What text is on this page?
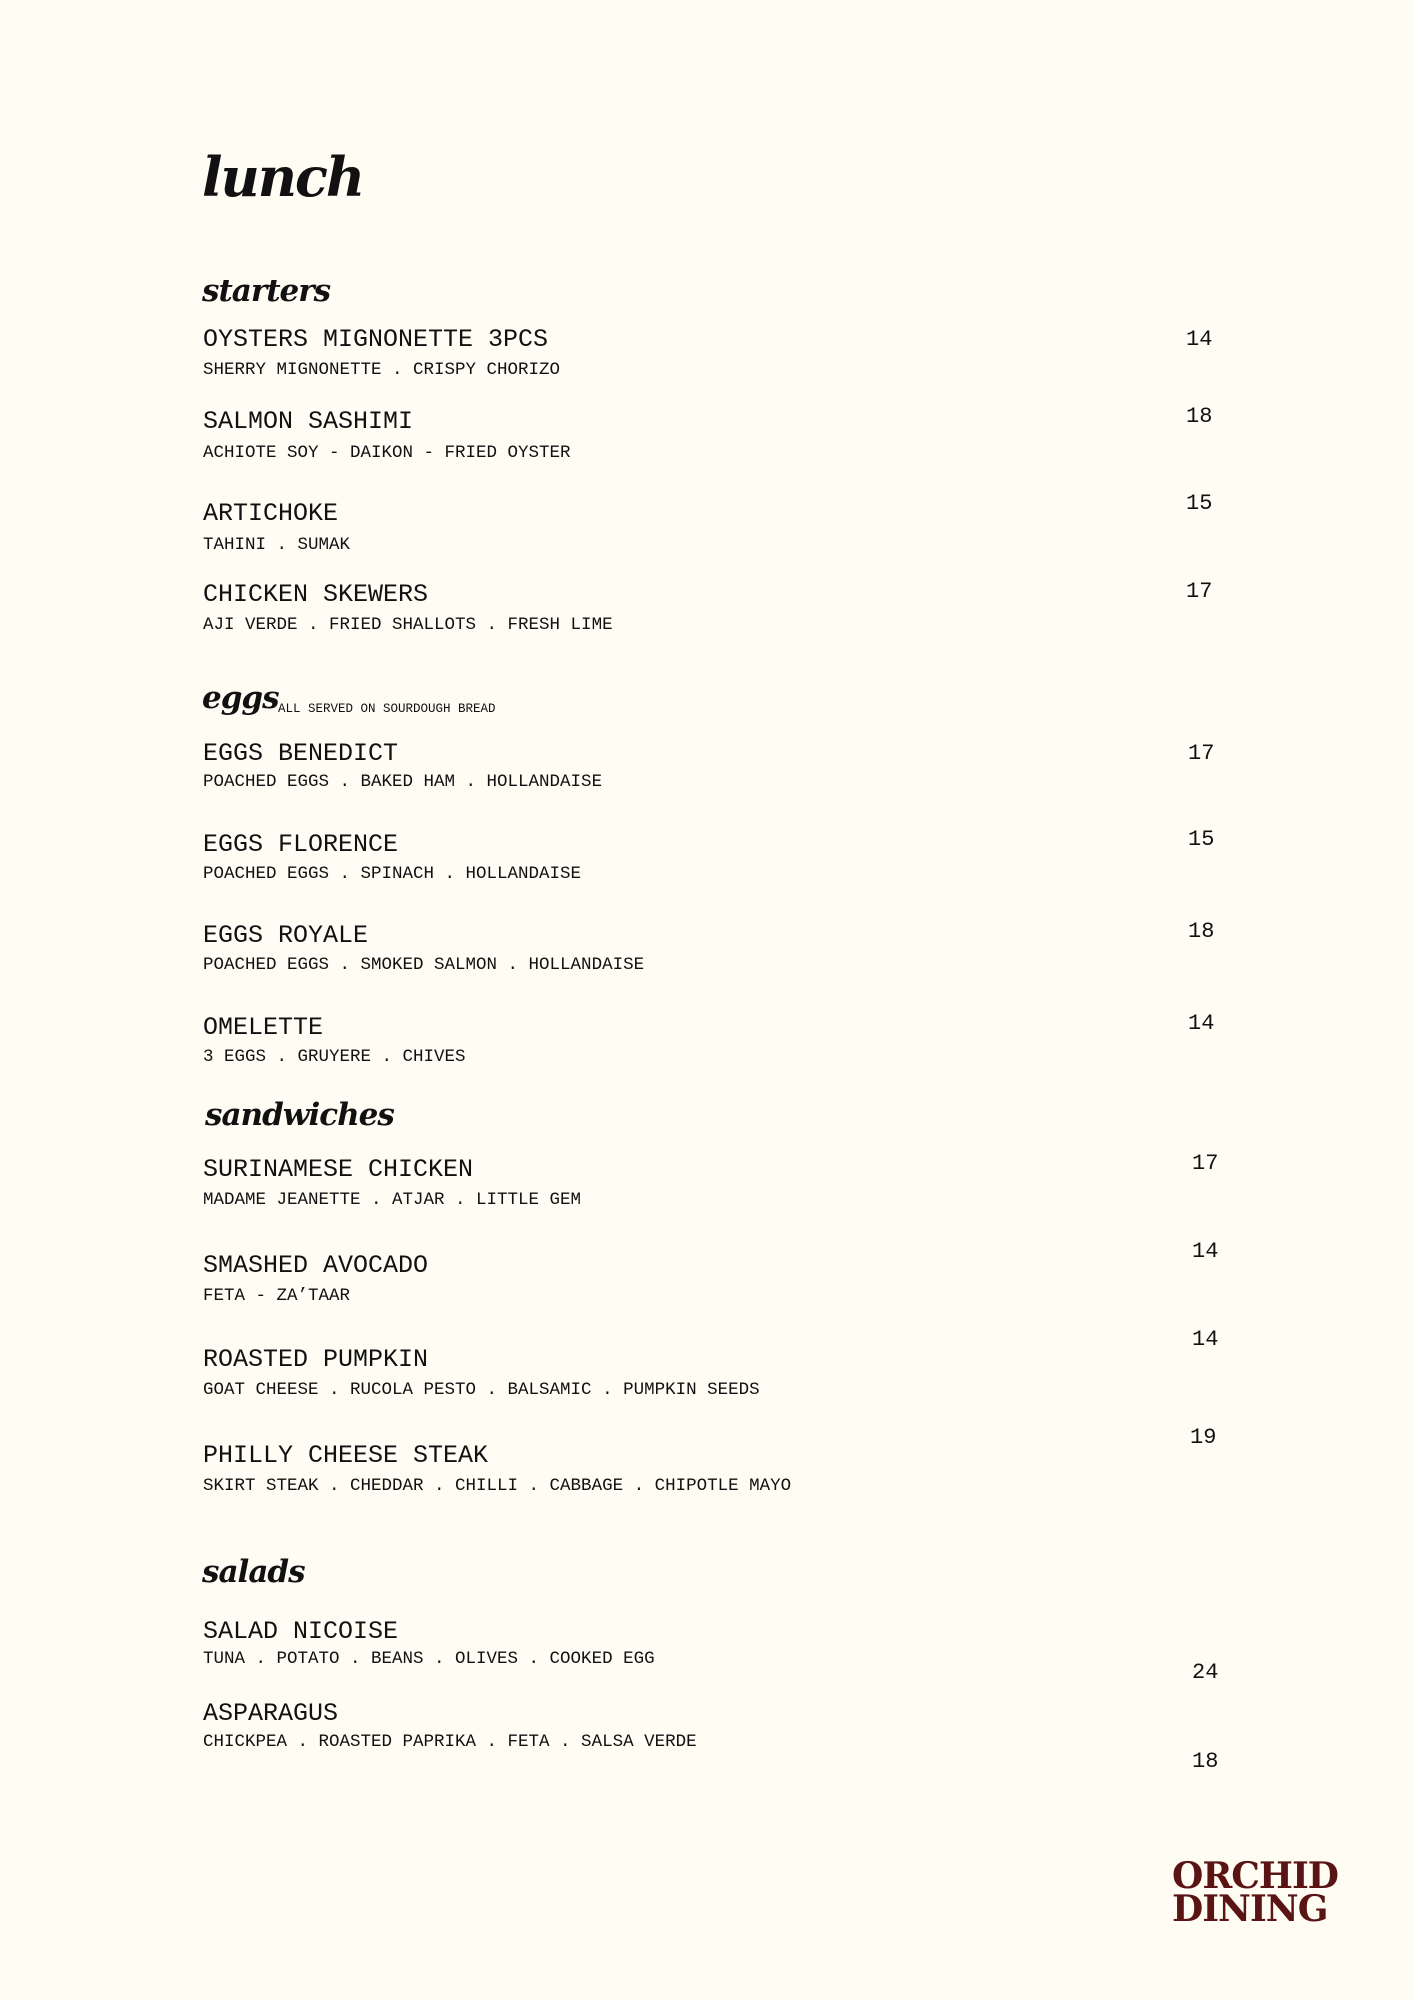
lunch
starters
OYSTERS MIGNONETTE 3PCS
SHERRY MIGNONETTE . CRISPY CHORIZO
14
SALMON SASHIMI
ACHIOTE SOY - DAIKON - FRIED OYSTER
18
ARTICHOKE
TAHINI . SUMAK
15
CHICKEN SKEWERS
AJI VERDE . FRIED SHALLOTS . FRESH LIME
17
eggs ALL SERVED ON SOURDOUGH BREAD
EGGS BENEDICT
POACHED EGGS . BAKED HAM . HOLLANDAISE
17
EGGS FLORENCE
POACHED EGGS . SPINACH . HOLLANDAISE
15
EGGS ROYALE
POACHED EGGS . SMOKED SALMON . HOLLANDAISE
18
OMELETTE
3 EGGS . GRUYERE . CHIVES
14
sandwiches
SURINAMESE CHICKEN
MADAME JEANETTE . ATJAR . LITTLE GEM
17
SMASHED AVOCADO
FETA - ZA’TAAR
14
ROASTED PUMPKIN
GOAT CHEESE . RUCOLA PESTO . BALSAMIC . PUMPKIN SEEDS
14
PHILLY CHEESE STEAK
SKIRT STEAK . CHEDDAR . CHILLI . CABBAGE . CHIPOTLE MAYO
19
salads
SALAD NICOISE
TUNA . POTATO . BEANS . OLIVES . COOKED EGG
24
ASPARAGUS
CHICKPEA . ROASTED PAPRIKA . FETA . SALSA VERDE
18
ORCHID
DINING
